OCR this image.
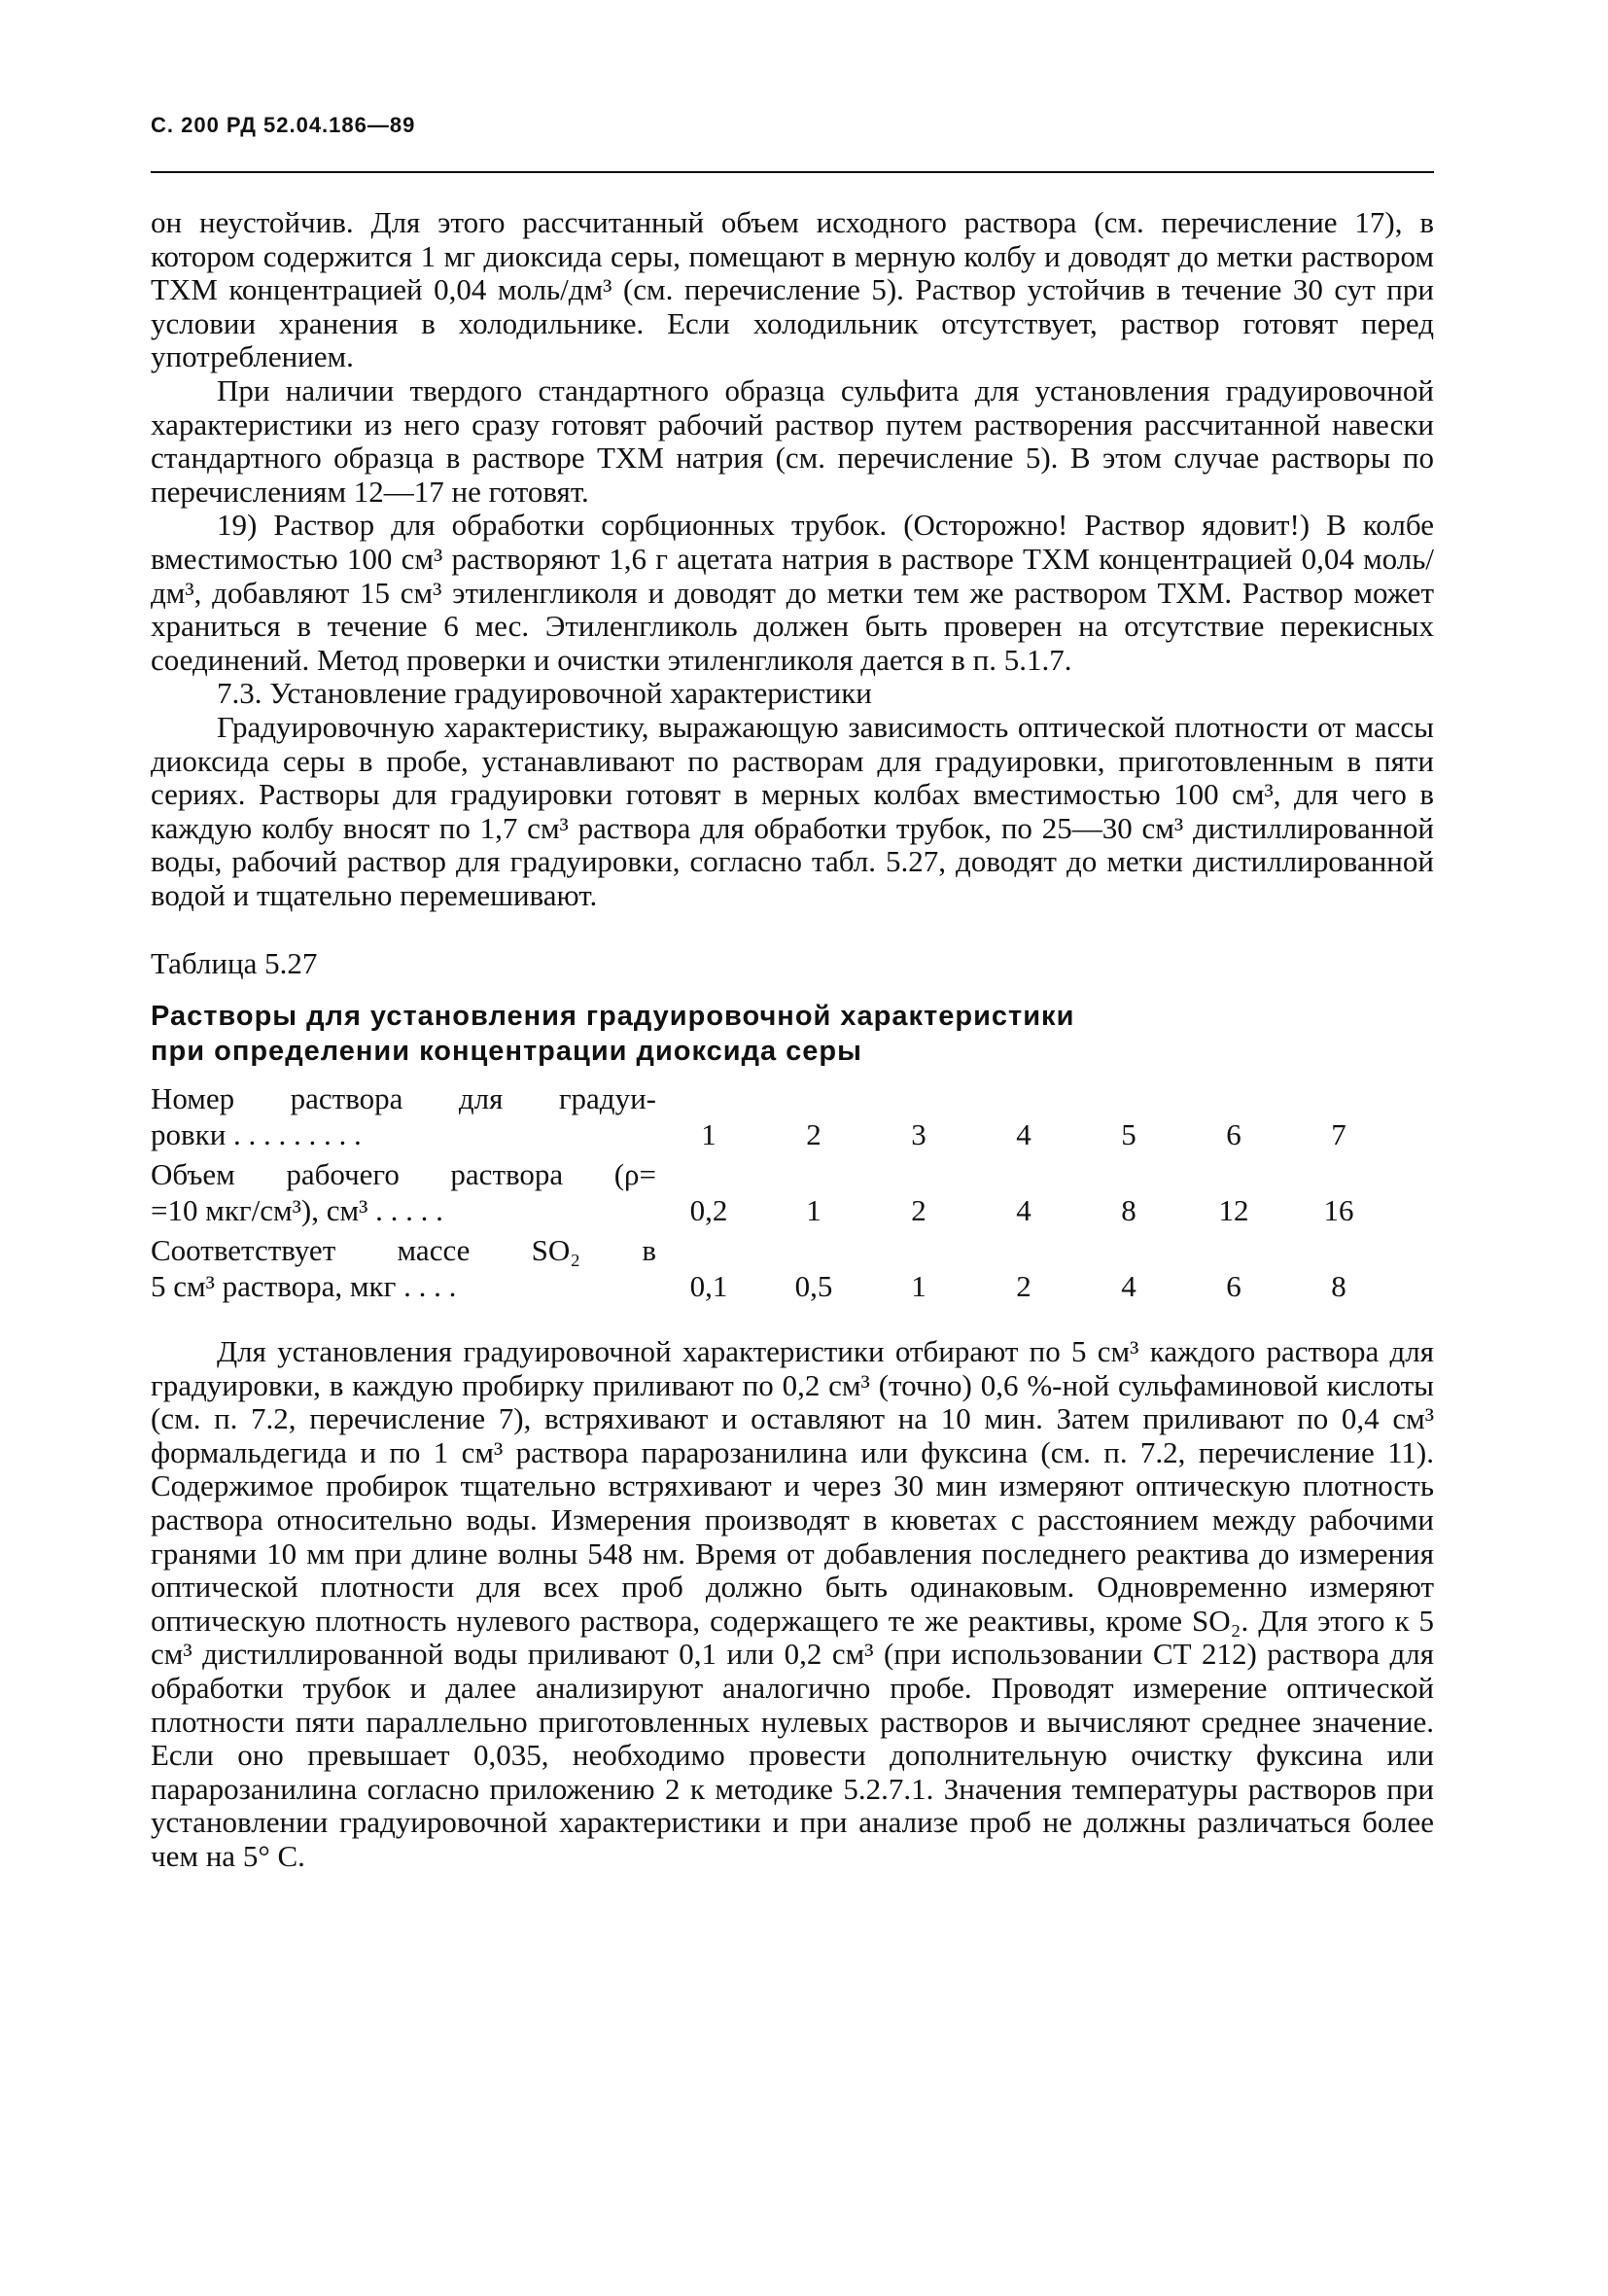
С. 200 РД 52.04.186—89

он неустойчив. Для этого рассчитанный объем исходного раствора (см. перечисление 17), в котором содержится 1 мг диоксида серы, помещают в мерную колбу и доводят до метки раствором ТХМ концентрацией 0,04 моль/дм³ (см. перечисление 5). Раствор устойчив в течение 30 сут при условии хранения в холодильнике. Если холодильник отсутствует, раствор готовят перед употреблением.

При наличии твердого стандартного образца сульфита для установления градуировочной характеристики из него сразу готовят рабочий раствор путем растворения рассчитанной навески стандартного образца в растворе ТХМ натрия (см. перечисление 5). В этом случае растворы по перечислениям 12—17 не готовят.

19) Раствор для обработки сорбционных трубок. (Осторожно! Раствор ядовит!) В колбе вместимостью 100 см³ растворяют 1,6 г ацетата натрия в растворе ТХМ концентрацией 0,04 моль/дм³, добавляют 15 см³ этиленгликоля и доводят до метки тем же раствором ТХМ. Раствор может храниться в течение 6 мес. Этиленгликоль должен быть проверен на отсутствие перекисных соединений. Метод проверки и очистки этиленгликоля дается в п. 5.1.7.

7.3. Установление градуировочной характеристики

Градуировочную характеристику, выражающую зависимость оптической плотности от массы диоксида серы в пробе, устанавливают по растворам для градуировки, приготовленным в пяти сериях. Растворы для градуировки готовят в мерных колбах вместимостью 100 см³, для чего в каждую колбу вносят по 1,7 см³ раствора для обработки трубок, по 25—30 см³ дистиллированной воды, рабочий раствор для градуировки, согласно табл. 5.27, доводят до метки дистиллированной водой и тщательно перемешивают.

Таблица 5.27

Растворы для установления градуировочной характеристики

при определении концентрации диоксида серы

Номер раствора для градуи-
ровки . . . . . . . . .	1	2	3	4	5	6	7

Объем рабочего раствора (ρ=
=10 мкг/см³), см³ . . . . .	0,2	1	2	4	8	12	16

Соответствует массе SO₂ в
5 см³ раствора, мкг . . . .	0,1	0,5	1	2	4	6	8

Для установления градуировочной характеристики отбирают по 5 см³ каждого раствора для градуировки, в каждую пробирку приливают по 0,2 см³ (точно) 0,6 %-ной сульфаминовой кислоты (см. п. 7.2, перечисление 7), встряхивают и оставляют на 10 мин. Затем приливают по 0,4 см³ формальдегида и по 1 см³ раствора парарозанилина или фуксина (см. п. 7.2, перечисление 11). Содержимое пробирок тщательно встряхивают и через 30 мин измеряют оптическую плотность раствора относительно воды. Измерения производят в кюветах с расстоянием между рабочими гранями 10 мм при длине волны 548 нм. Время от добавления последнего реактива до измерения оптической плотности для всех проб должно быть одинаковым. Одновременно измеряют оптическую плотность нулевого раствора, содержащего те же реактивы, кроме SO₂. Для этого к 5 см³ дистиллированной воды приливают 0,1 или 0,2 см³ (при использовании СТ 212) раствора для обработки трубок и далее анализируют аналогично пробе. Проводят измерение оптической плотности пяти параллельно приготовленных нулевых растворов и вычисляют среднее значение. Если оно превышает 0,035, необходимо провести дополнительную очистку фуксина или парарозанилина согласно приложению 2 к методике 5.2.7.1. Значения температуры растворов при установлении градуировочной характеристики и при анализе проб не должны различаться более чем на 5° С.
